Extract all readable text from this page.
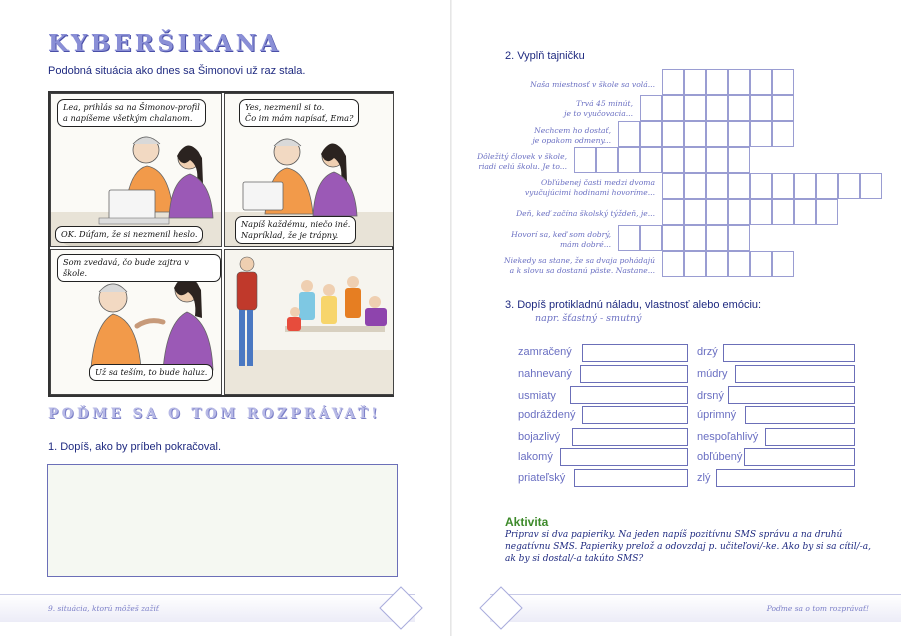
KYBERŠIKANA
Podobná situácia ako dnes sa Šimonovi už raz stala.
Lea, prihlás sa na Šimonov-profil
a napíšeme všetkým chalanom.
OK. Dúfam, že si nezmenil heslo.
Yes, nezmenil si to.
Čo im mám napísať, Ema?
Napíš každému, niečo iné.
Napríklad, že je trápny.
Som zvedavá, čo bude zajtra v škole.
Už sa teším, to bude haluz.
POĎME SA O TOM ROZPRÁVAŤ!
1. Dopíš, ako by príbeh pokračoval.
9. situácia, ktorú môžeš zažiť
2. Vyplň tajničku
Naša miestnosť v škole sa volá...
Trvá 45 minút,
je to vyučovacia...
Nechcem ho dostať,
je opakom odmeny...
Dôležitý človek v škole,
riadi celú školu. Je to...
Obľúbenej časti medzi dvoma
vyučujúcimi hodinami hovoríme...
Deň, keď začína školský týždeň, je...
Hovorí sa, keď som dobrý,
mám dobré...
Niekedy sa stane, že sa dvaja pohádajú
a k slovu sa dostanú päste. Nastane...
3. Dopíš protikladnú náladu, vlastnosť alebo emóciu:
napr. šťastný - smutný
zamračený
nahnevaný
usmiaty
podráždený
bojazlivý
lakomý
priateľský
drzý
múdry
drsný
úprimný
nespoľahlivý
obľúbený
zlý
Aktivita
Priprav si dva papieriky. Na jeden napíš pozitívnu SMS správu a na druhú negatívnu SMS. Papieriky prelož a odovzdaj p. učiteľovi/-ke. Ako by si sa cítil/-a, ak by si dostal/-a takúto SMS?
Poďme sa o tom rozprávať!
